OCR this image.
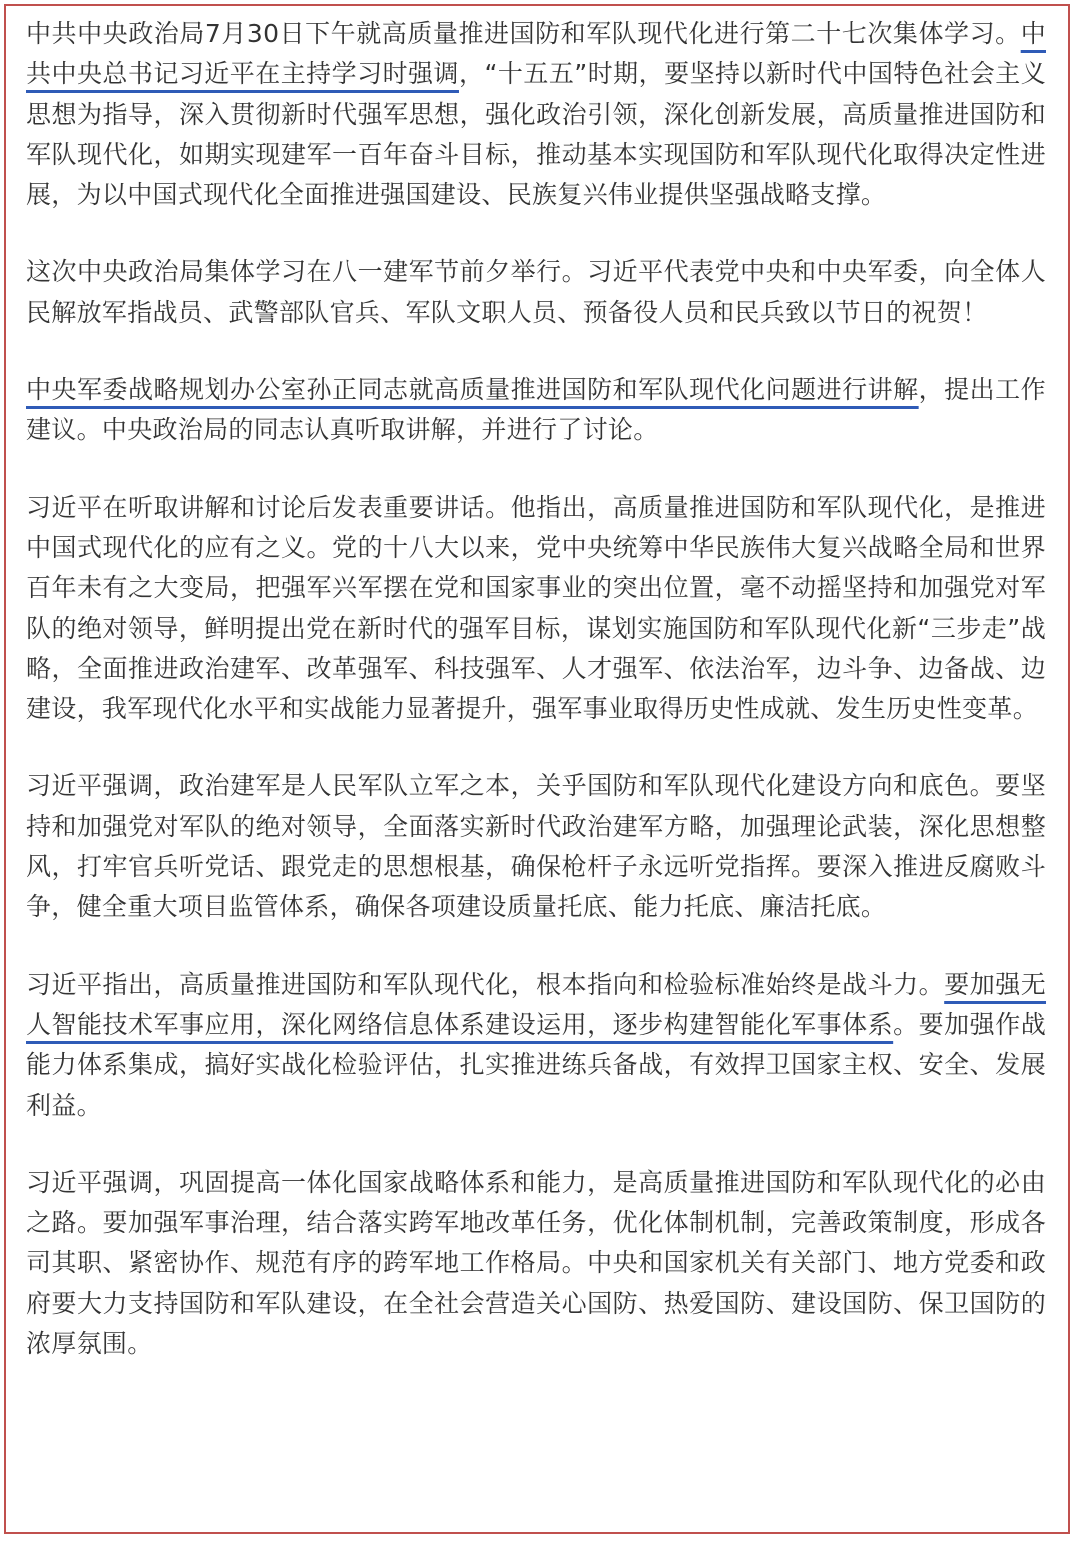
中共中央政治局7月30日下午就高质量推进国防和军队现代化进行第二十七次集体学习。中共中央总书记习近平在主持学习时强调，“十五五”时期，要坚持以新时代中国特色社会主义思想为指导，深入贯彻新时代强军思想，强化政治引领，深化创新发展，高质量推进国防和军队现代化，如期实现建军一百年奋斗目标，推动基本实现国防和军队现代化取得决定性进展，为以中国式现代化全面推进强国建设、民族复兴伟业提供坚强战略支撑。

这次中央政治局集体学习在八一建军节前夕举行。习近平代表党中央和中央军委，向全体人民解放军指战员、武警部队官兵、军队文职人员、预备役人员和民兵致以节日的祝贺！

中央军委战略规划办公室孙正同志就高质量推进国防和军队现代化问题进行讲解，提出工作建议。中央政治局的同志认真听取讲解，并进行了讨论。

习近平在听取讲解和讨论后发表重要讲话。他指出，高质量推进国防和军队现代化，是推进中国式现代化的应有之义。党的十八大以来，党中央统筹中华民族伟大复兴战略全局和世界百年未有之大变局，把强军兴军摆在党和国家事业的突出位置，毫不动摇坚持和加强党对军队的绝对领导，鲜明提出党在新时代的强军目标，谋划实施国防和军队现代化新“三步走”战略，全面推进政治建军、改革强军、科技强军、人才强军、依法治军，边斗争、边备战、边建设，我军现代化水平和实战能力显著提升，强军事业取得历史性成就、发生历史性变革。

习近平强调，政治建军是人民军队立军之本，关乎国防和军队现代化建设方向和底色。要坚持和加强党对军队的绝对领导，全面落实新时代政治建军方略，加强理论武装，深化思想整风，打牢官兵听党话、跟党走的思想根基，确保枪杆子永远听党指挥。要深入推进反腐败斗争，健全重大项目监管体系，确保各项建设质量托底、能力托底、廉洁托底。

习近平指出，高质量推进国防和军队现代化，根本指向和检验标准始终是战斗力。要加强无人智能技术军事应用，深化网络信息体系建设运用，逐步构建智能化军事体系。要加强作战能力体系集成，搞好实战化检验评估，扎实推进练兵备战，有效捍卫国家主权、安全、发展利益。

习近平强调，巩固提高一体化国家战略体系和能力，是高质量推进国防和军队现代化的必由之路。要加强军事治理，结合落实跨军地改革任务，优化体制机制，完善政策制度，形成各司其职、紧密协作、规范有序的跨军地工作格局。中央和国家机关有关部门、地方党委和政府要大力支持国防和军队建设，在全社会营造关心国防、热爱国防、建设国防、保卫国防的浓厚氛围。
